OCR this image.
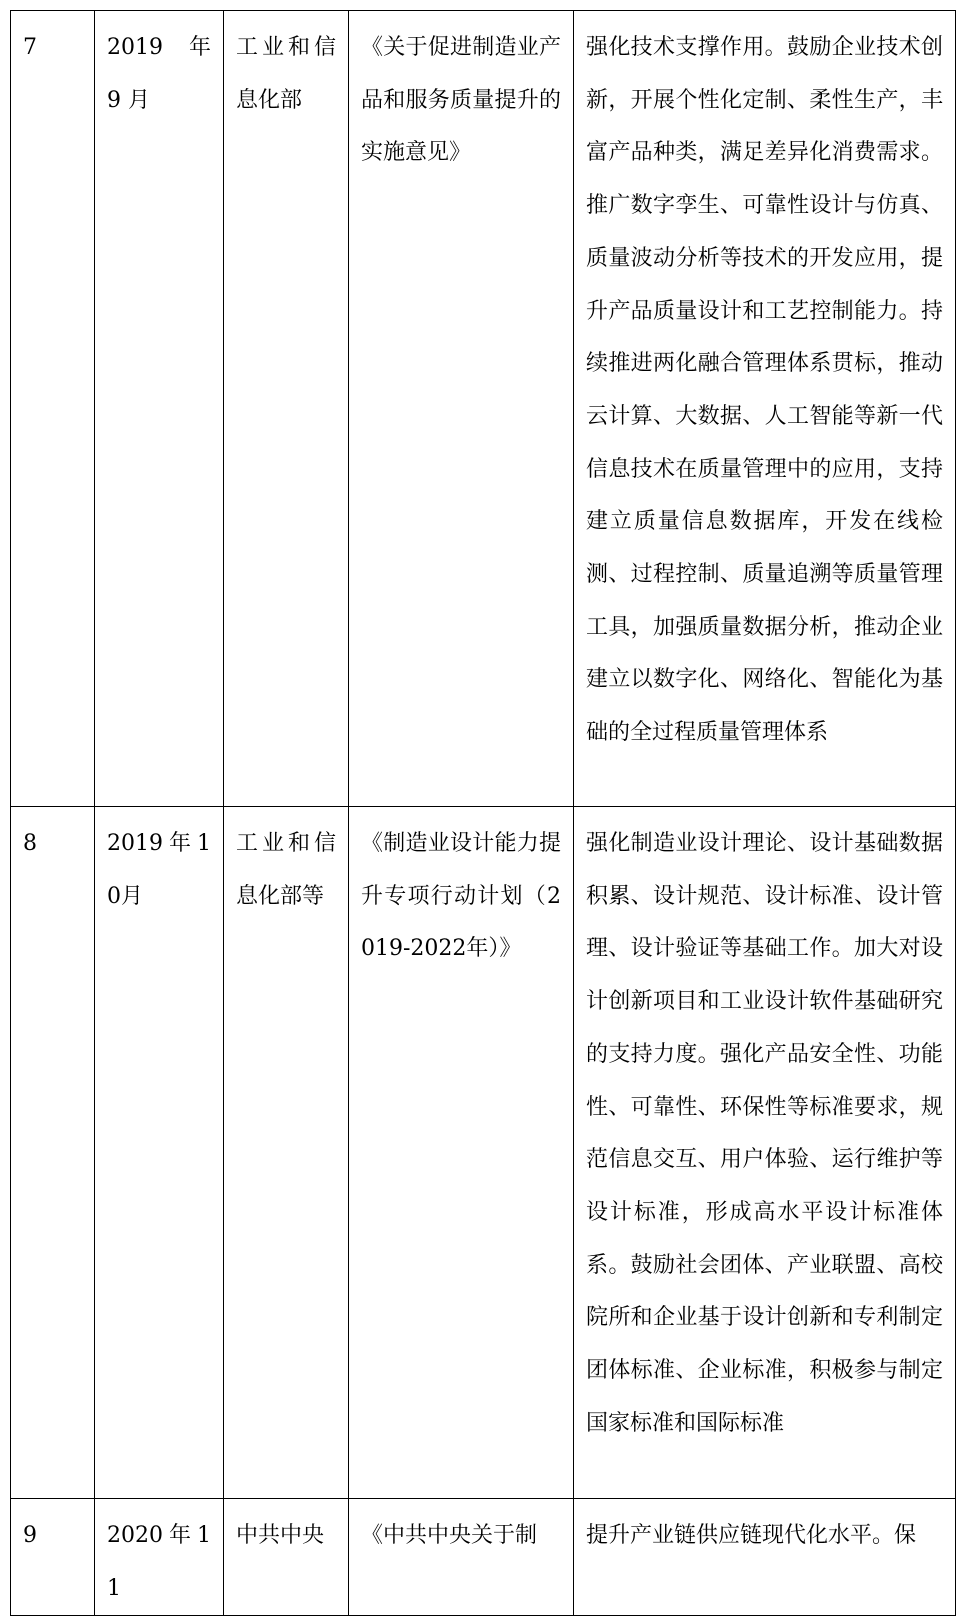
7	2019 年 9 月	工业和信息化部	《关于促进制造业产品和服务质量提升的实施意见》	强化技术支撑作用。鼓励企业技术创新，开展个性化定制、柔性生产，丰富产品种类，满足差异化消费需求。推广数字孪生、可靠性设计与仿真、质量波动分析等技术的开发应用，提升产品质量设计和工艺控制能力。持续推进两化融合管理体系贯标，推动云计算、大数据、人工智能等新一代信息技术在质量管理中的应用，支持建立质量信息数据库，开发在线检测、过程控制、质量追溯等质量管理工具，加强质量数据分析，推动企业建立以数字化、网络化、智能化为基础的全过程质量管理体系
8	2019年10月	工业和信息化部等	《制造业设计能力提升专项行动计划（2019-2022年）》	强化制造业设计理论、设计基础数据积累、设计规范、设计标准、设计管理、设计验证等基础工作。加大对设计创新项目和工业设计软件基础研究的支持力度。强化产品安全性、功能性、可靠性、环保性等标准要求，规范信息交互、用户体验、运行维护等设计标准，形成高水平设计标准体系。鼓励社会团体、产业联盟、高校院所和企业基于设计创新和专利制定团体标准、企业标准，积极参与制定国家标准和国际标准
9	2020年11	中共中央	《中共中央关于制	提升产业链供应链现代化水平。保
